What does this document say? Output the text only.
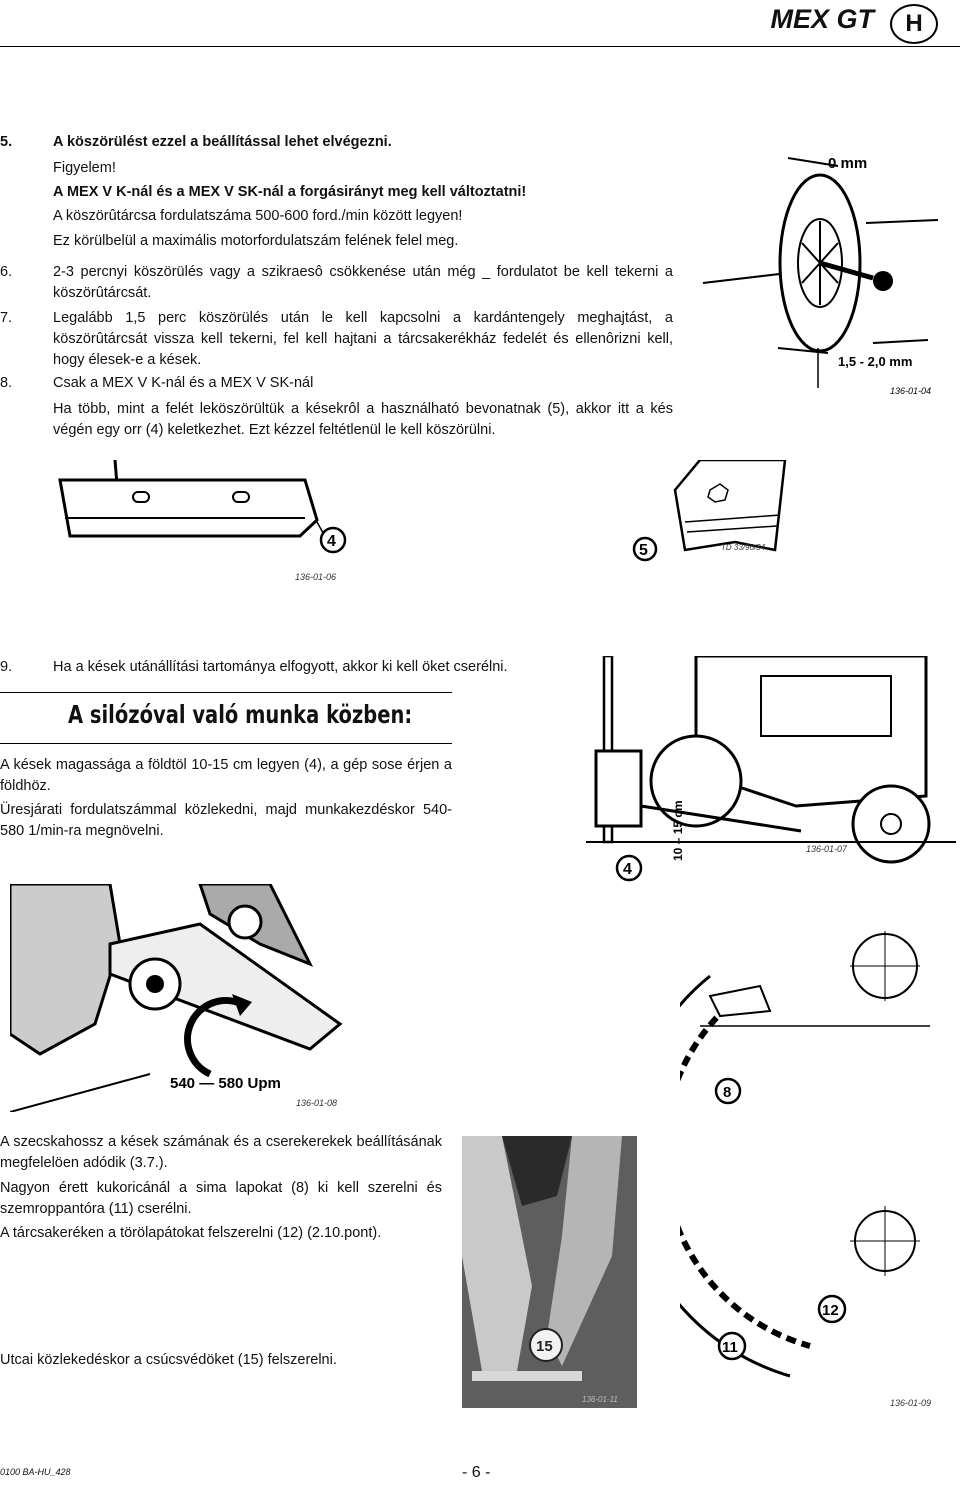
MEX GT	H
5.	A köszörülést ezzel a beállítással lehet elvégezni.
Figyelem!
A MEX V K-nál és a MEX V SK-nál a forgásirányt meg kell változtatni!
A köszörûtárcsa fordulatszáma 500-600 ford./min között legyen!
Ez körülbelül a maximális motorfordulatszám felének felel meg.
6.	2-3 percnyi köszörülés vagy a szikraesô csökkenése után még _ fordulatot be kell tekerni a köszörûtárcsát.
7.	Legalább 1,5 perc köszörülés után le kell kapcsolni a kardántengely meghajtást, a köszörûtárcsát vissza kell tekerni, fel kell hajtani a tárcsakerékház fedelét és ellenôrizni kell, hogy élesek-e a kések.
8.	Csak a MEX V K-nál és a MEX V SK-nál
Ha több, mint a felét leköszörültük a késekrôl a használható bevonatnak (5), akkor itt a kés végén egy orr (4) keletkezhet. Ezt kézzel feltétlenül le kell köszörülni.
0 mm
1,5 - 2,0 mm
136-01-04
4
136-01-06
5	TD 33/90/34
9.	Ha a kések utánállítási tartománya elfogyott, akkor ki kell öket cserélni.
A silózóval való munka közben:
A kések magassága a földtöl 10-15 cm legyen (4), a gép sose érjen a földhöz.
Üresjárati fordulatszámmal közlekedni, majd munkakezdéskor 540-580 1/min-ra megnövelni.	10 – 15 cm
4
136-01-07
540 — 580 Upm
136-01-08
8
11
12
136-01-09
A szecskahossz a kések számának és a cserekerekek beállításának megfelelöen adódik (3.7.).
Nagyon érett kukoricánál a sima lapokat (8) ki kell szerelni és szemroppantóra (11) cserélni.
A tárcsakeréken a törölapátokat felszerelni (12) (2.10.pont).
Utcai közlekedéskor a csúcsvédöket (15) felszerelni.
15
136-01-11
0100 BA-HU_428	- 6 -
